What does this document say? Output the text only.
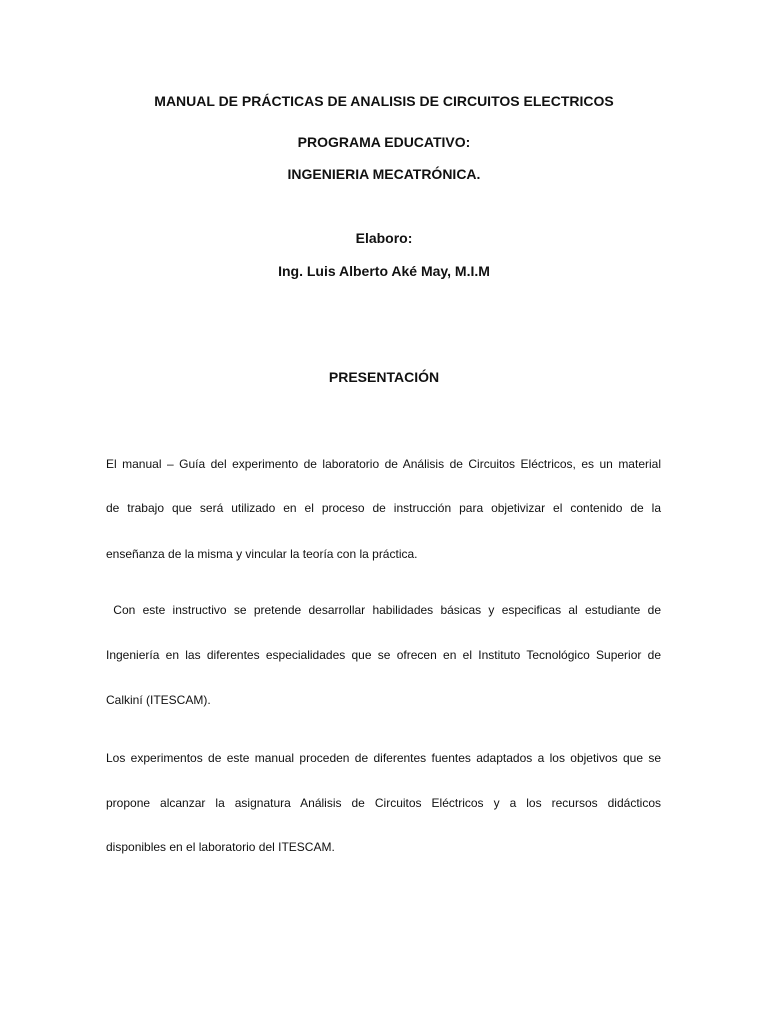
MANUAL DE PRÁCTICAS DE ANALISIS DE CIRCUITOS ELECTRICOS
PROGRAMA EDUCATIVO:
INGENIERIA MECATRÓNICA.
Elaboro:
Ing. Luis Alberto Aké May, M.I.M
PRESENTACIÓN
El manual – Guía del experimento de laboratorio de Análisis de Circuitos Eléctricos, es un material
de trabajo que será utilizado en el proceso de instrucción para objetivizar el contenido de la
enseñanza de la misma y vincular la teoría con la práctica.
Con este instructivo se pretende desarrollar habilidades básicas y especificas al estudiante de
Ingeniería en las diferentes especialidades que se ofrecen en el Instituto Tecnológico Superior de
Calkiní (ITESCAM).
Los experimentos de este manual proceden de diferentes fuentes adaptados a los objetivos que se
propone alcanzar la asignatura Análisis de Circuitos Eléctricos y a los recursos didácticos
disponibles en el laboratorio del ITESCAM.
